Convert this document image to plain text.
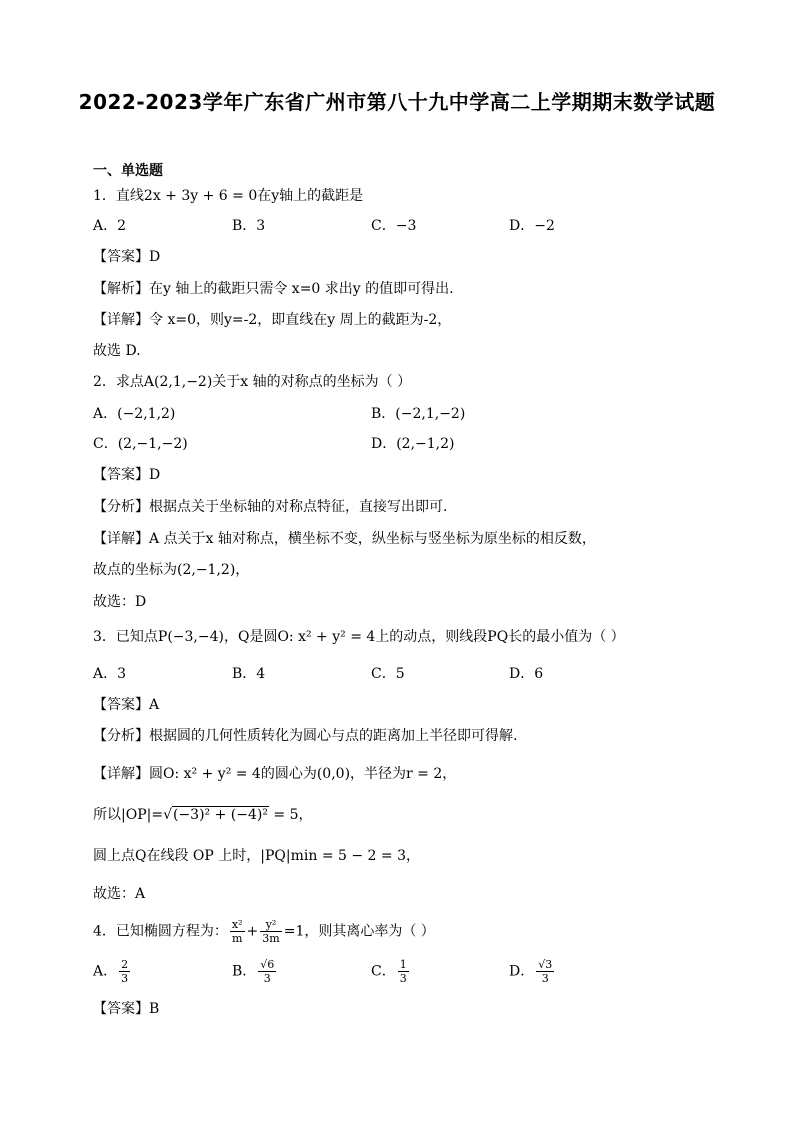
2022-2023学年广东省广州市第八十九中学高二上学期期末数学试题
一、单选题
1．直线2x + 3y + 6 = 0在y轴上的截距是
A．2	B．3	C．−3	D．−2
【答案】D
【解析】在y 轴上的截距只需令 x=0 求出y 的值即可得出.
【详解】令 x=0，则y=-2，即直线在y 周上的截距为-2，
故选 D.
2．求点A(2,1,−2)关于x 轴的对称点的坐标为（ ）
A．(−2,1,2)	B．(−2,1,−2)
C．(2,−1,−2)	D．(2,−1,2)
【答案】D
【分析】根据点关于坐标轴的对称点特征，直接写出即可.
【详解】A 点关于x 轴对称点，横坐标不变，纵坐标与竖坐标为原坐标的相反数，
故点的坐标为(2,−1,2)，
故选：D
3．已知点P(−3,−4)，Q是圆O: x² + y² = 4上的动点，则线段PQ长的最小值为（ ）
A．3	B．4	C．5	D．6
【答案】A
【分析】根据圆的几何性质转化为圆心与点的距离加上半径即可得解.
【详解】圆O: x² + y² = 4的圆心为(0,0)，半径为r = 2，
所以|OP|=√(−3)² + (−4)² = 5，
圆上点Q在线段 OP 上时，|PQ|min = 5 − 2 = 3，
故选：A
4．已知椭圆方程为： $\frac{\text{x²}}{m} + \frac{\text{y²}}{3m} =1$，则其离心率为（ ）
A． $\frac{2}{3}$	B． $\frac{√6}{3}$	C． $\frac{1}{3}$	D． $\frac{√3}{3}$
【答案】B
